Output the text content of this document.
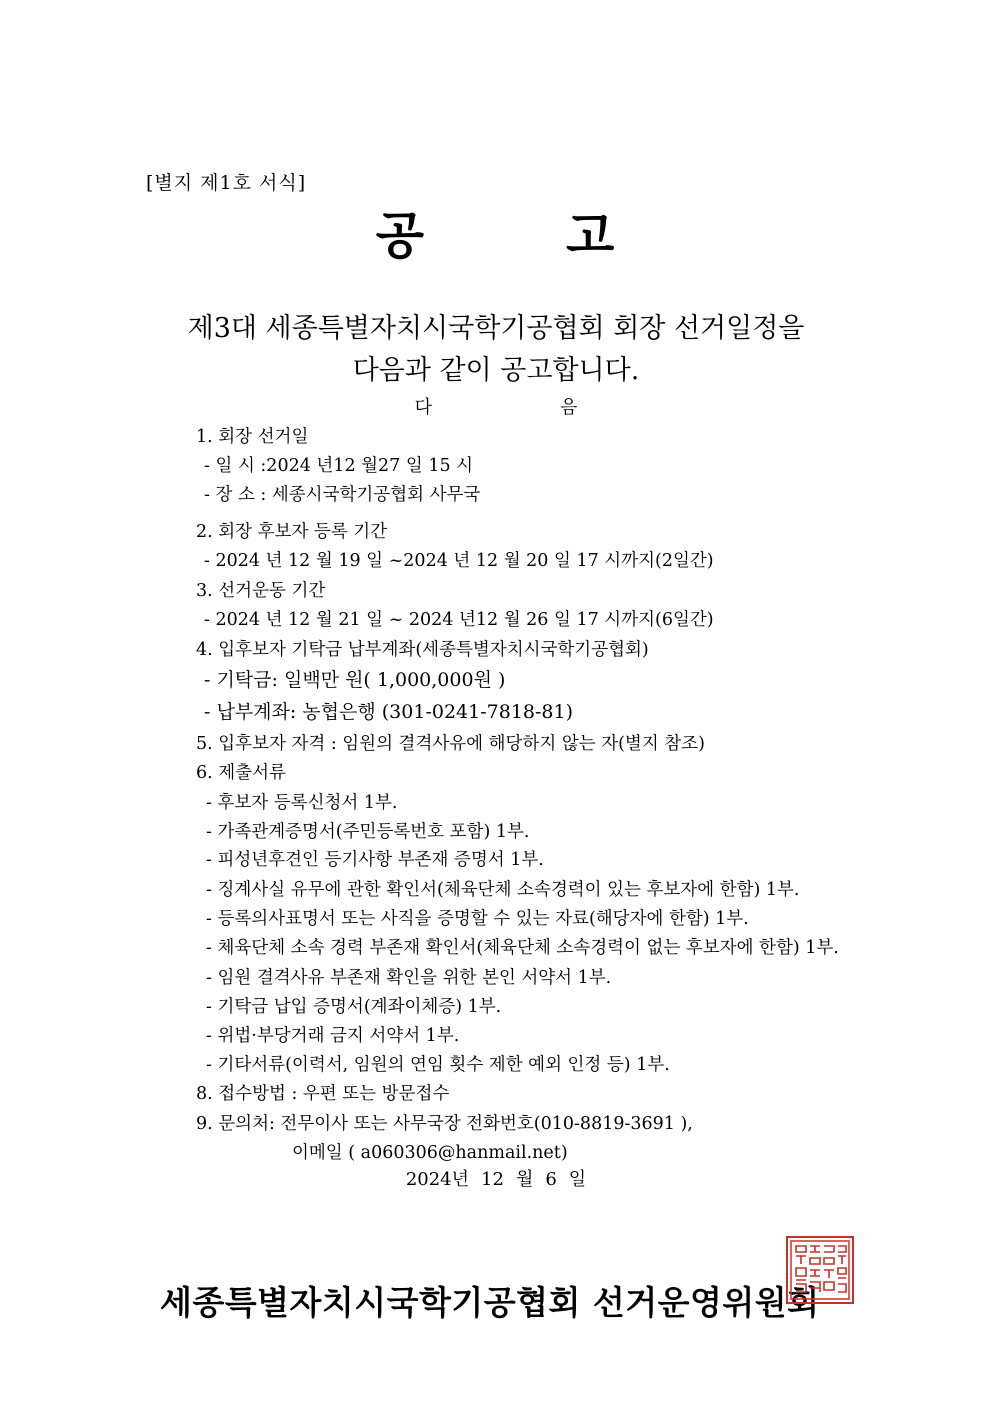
[별지 제1호 서식]
공	고
제3대 세종특별자치시국학기공협회 회장 선거일정을
다음과 같이 공고합니다.
다	음
1. 회장 선거일
- 일 시 :2024 년12 월27 일 15 시
- 장 소 : 세종시국학기공협회 사무국
2. 회장 후보자 등록 기간
- 2024 년 12 월 19 일 ~2024 년 12 월 20 일 17 시까지(2일간)
3. 선거운동 기간
- 2024 년 12 월 21 일 ~ 2024 년12 월 26 일 17 시까지(6일간)
4. 입후보자 기탁금 납부계좌(세종특별자치시국학기공협회)
- 기탁금: 일백만 원( 1,000,000원 )
- 납부계좌: 농협은행 (301-0241-7818-81)
5. 입후보자 자격 : 임원의 결격사유에 해당하지 않는 자(별지 참조)
6. 제출서류
- 후보자 등록신청서 1부.
- 가족관계증명서(주민등록번호 포함) 1부.
- 피성년후견인 등기사항 부존재 증명서 1부.
- 징계사실 유무에 관한 확인서(체육단체 소속경력이 있는 후보자에 한함) 1부.
- 등록의사표명서 또는 사직을 증명할 수 있는 자료(해당자에 한함) 1부.
- 체육단체 소속 경력 부존재 확인서(체육단체 소속경력이 없는 후보자에 한함) 1부.
- 임원 결격사유 부존재 확인을 위한 본인 서약서 1부.
- 기탁금 납입 증명서(계좌이체증) 1부.
- 위법·부당거래 금지 서약서 1부.
- 기타서류(이력서, 임원의 연임 횟수 제한 예외 인정 등) 1부.
8. 접수방법 : 우편 또는 방문접수
9. 문의처: 전무이사 또는 사무국장 전화번호(010-8819-3691 ),
이메일 ( a060306@hanmail.net)
2024년 12 월 6 일
세종특별자치시국학기공협회 선거운영위원회
